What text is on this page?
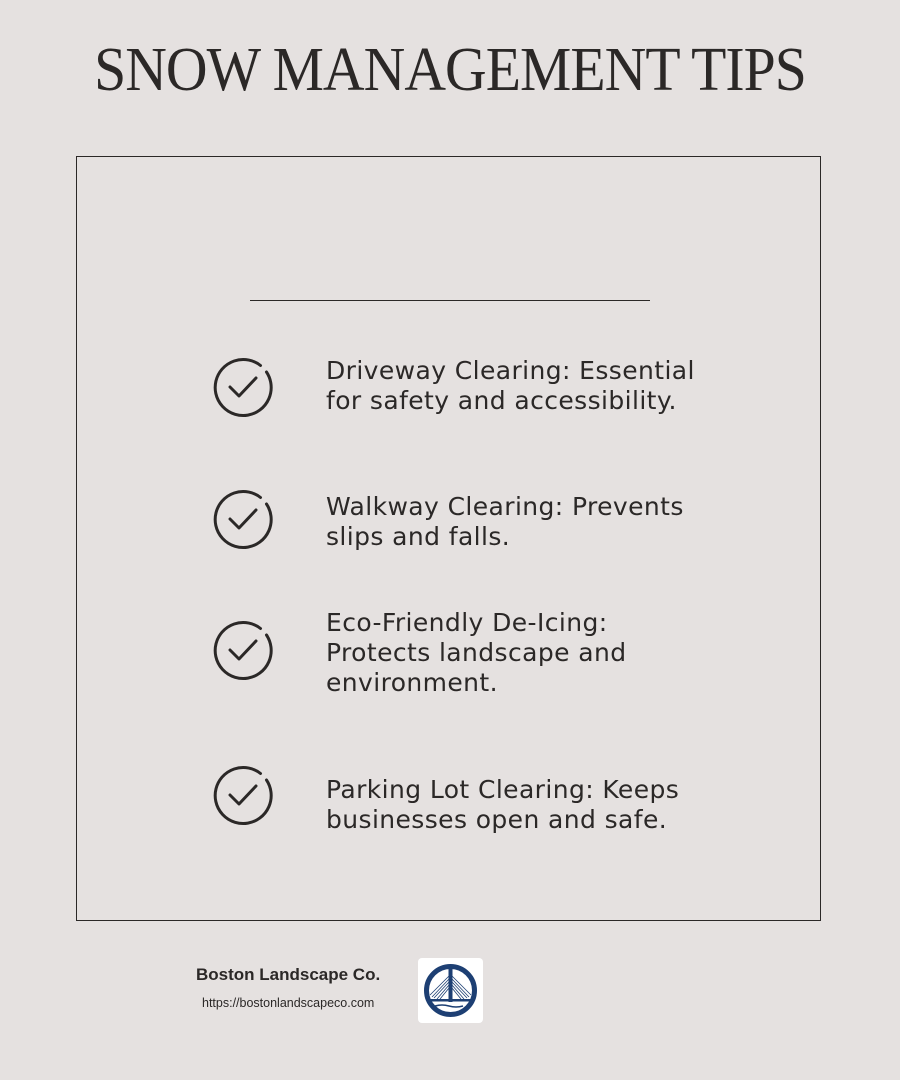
SNOW MANAGEMENT TIPS
Driveway Clearing: Essential
for safety and accessibility.
Walkway Clearing: Prevents
slips and falls.
Eco-Friendly De-Icing:
Protects landscape and
environment.
Parking Lot Clearing: Keeps
businesses open and safe.
Boston Landscape Co.
https://bostonlandscapeco.com
